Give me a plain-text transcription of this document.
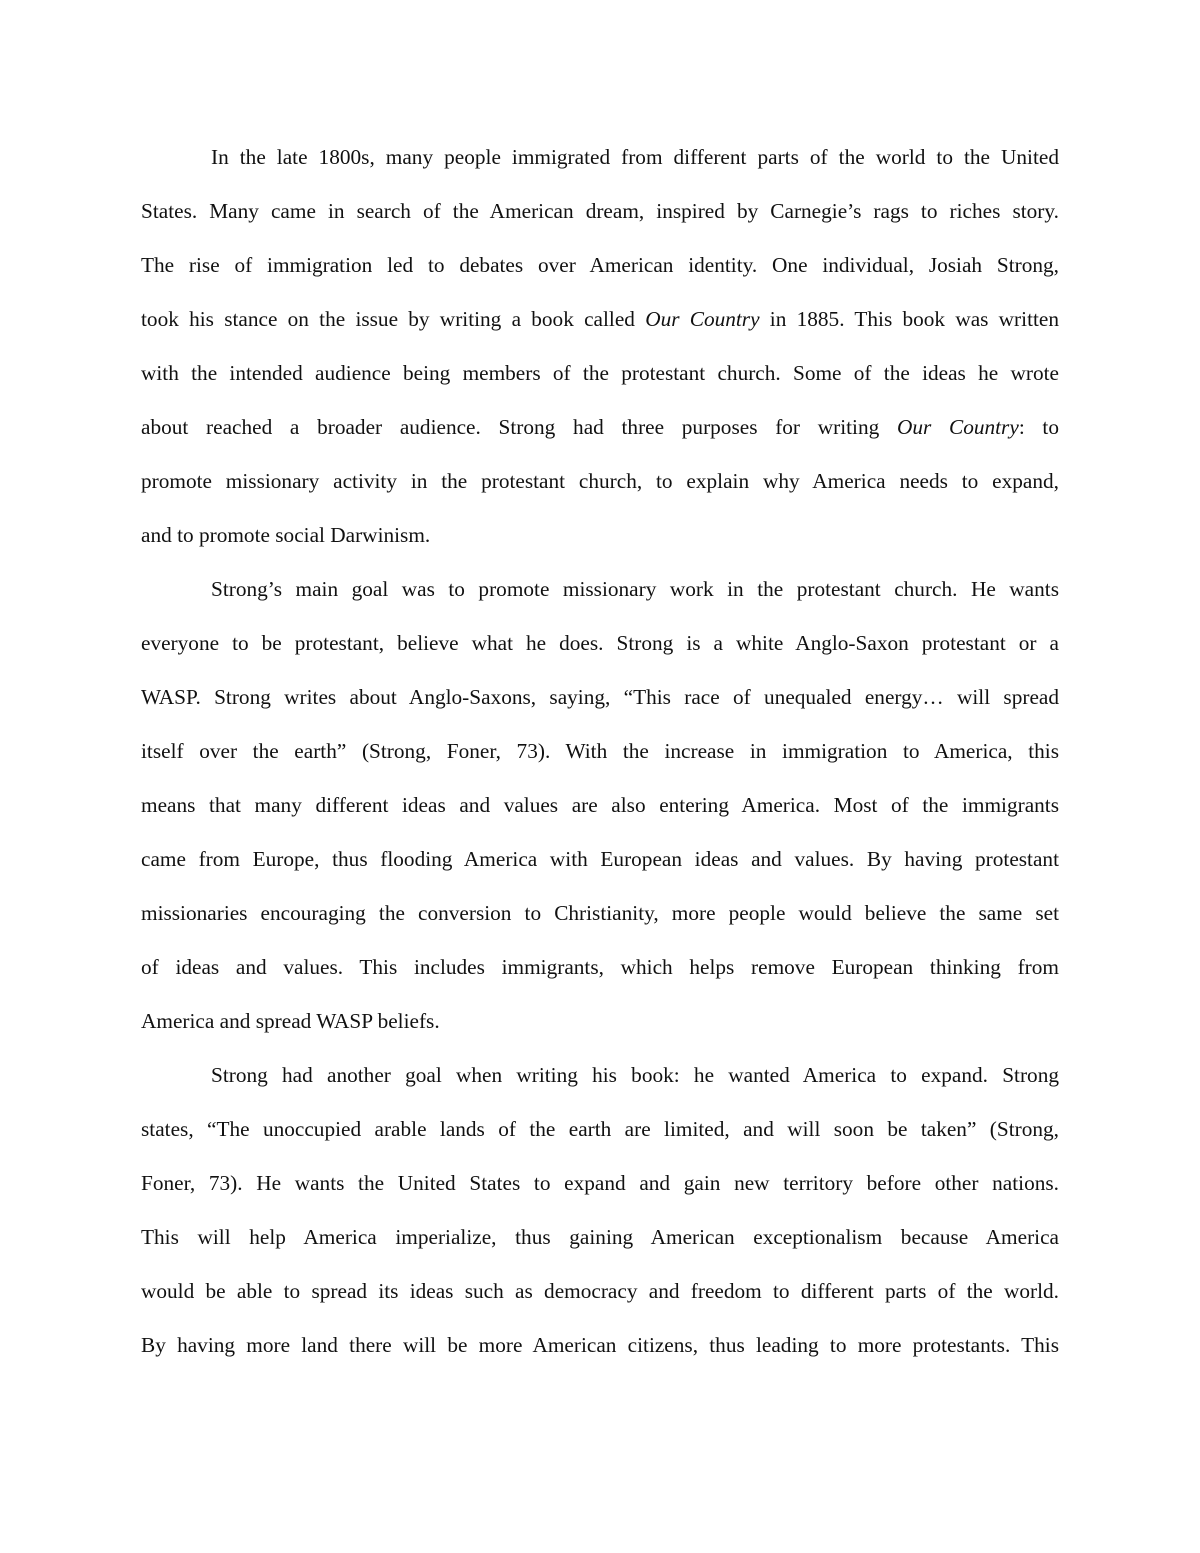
In the late 1800s, many people immigrated from different parts of the world to the United
States. Many came in search of the American dream, inspired by Carnegie’s rags to riches story.
The rise of immigration led to debates over American identity. One individual, Josiah Strong,
took his stance on the issue by writing a book called Our Country in 1885. This book was written
with the intended audience being members of the protestant church. Some of the ideas he wrote
about reached a broader audience. Strong had three purposes for writing Our Country: to
promote missionary activity in the protestant church, to explain why America needs to expand,
and to promote social Darwinism.
Strong’s main goal was to promote missionary work in the protestant church. He wants
everyone to be protestant, believe what he does. Strong is a white Anglo-Saxon protestant or a
WASP. Strong writes about Anglo-Saxons, saying, “This race of unequaled energy… will spread
itself over the earth” (Strong, Foner, 73). With the increase in immigration to America, this
means that many different ideas and values are also entering America. Most of the immigrants
came from Europe, thus flooding America with European ideas and values. By having protestant
missionaries encouraging the conversion to Christianity, more people would believe the same set
of ideas and values. This includes immigrants, which helps remove European thinking from
America and spread WASP beliefs.
Strong had another goal when writing his book: he wanted America to expand. Strong
states, “The unoccupied arable lands of the earth are limited, and will soon be taken” (Strong,
Foner, 73). He wants the United States to expand and gain new territory before other nations.
This will help America imperialize, thus gaining American exceptionalism because America
would be able to spread its ideas such as democracy and freedom to different parts of the world.
By having more land there will be more American citizens, thus leading to more protestants. This
